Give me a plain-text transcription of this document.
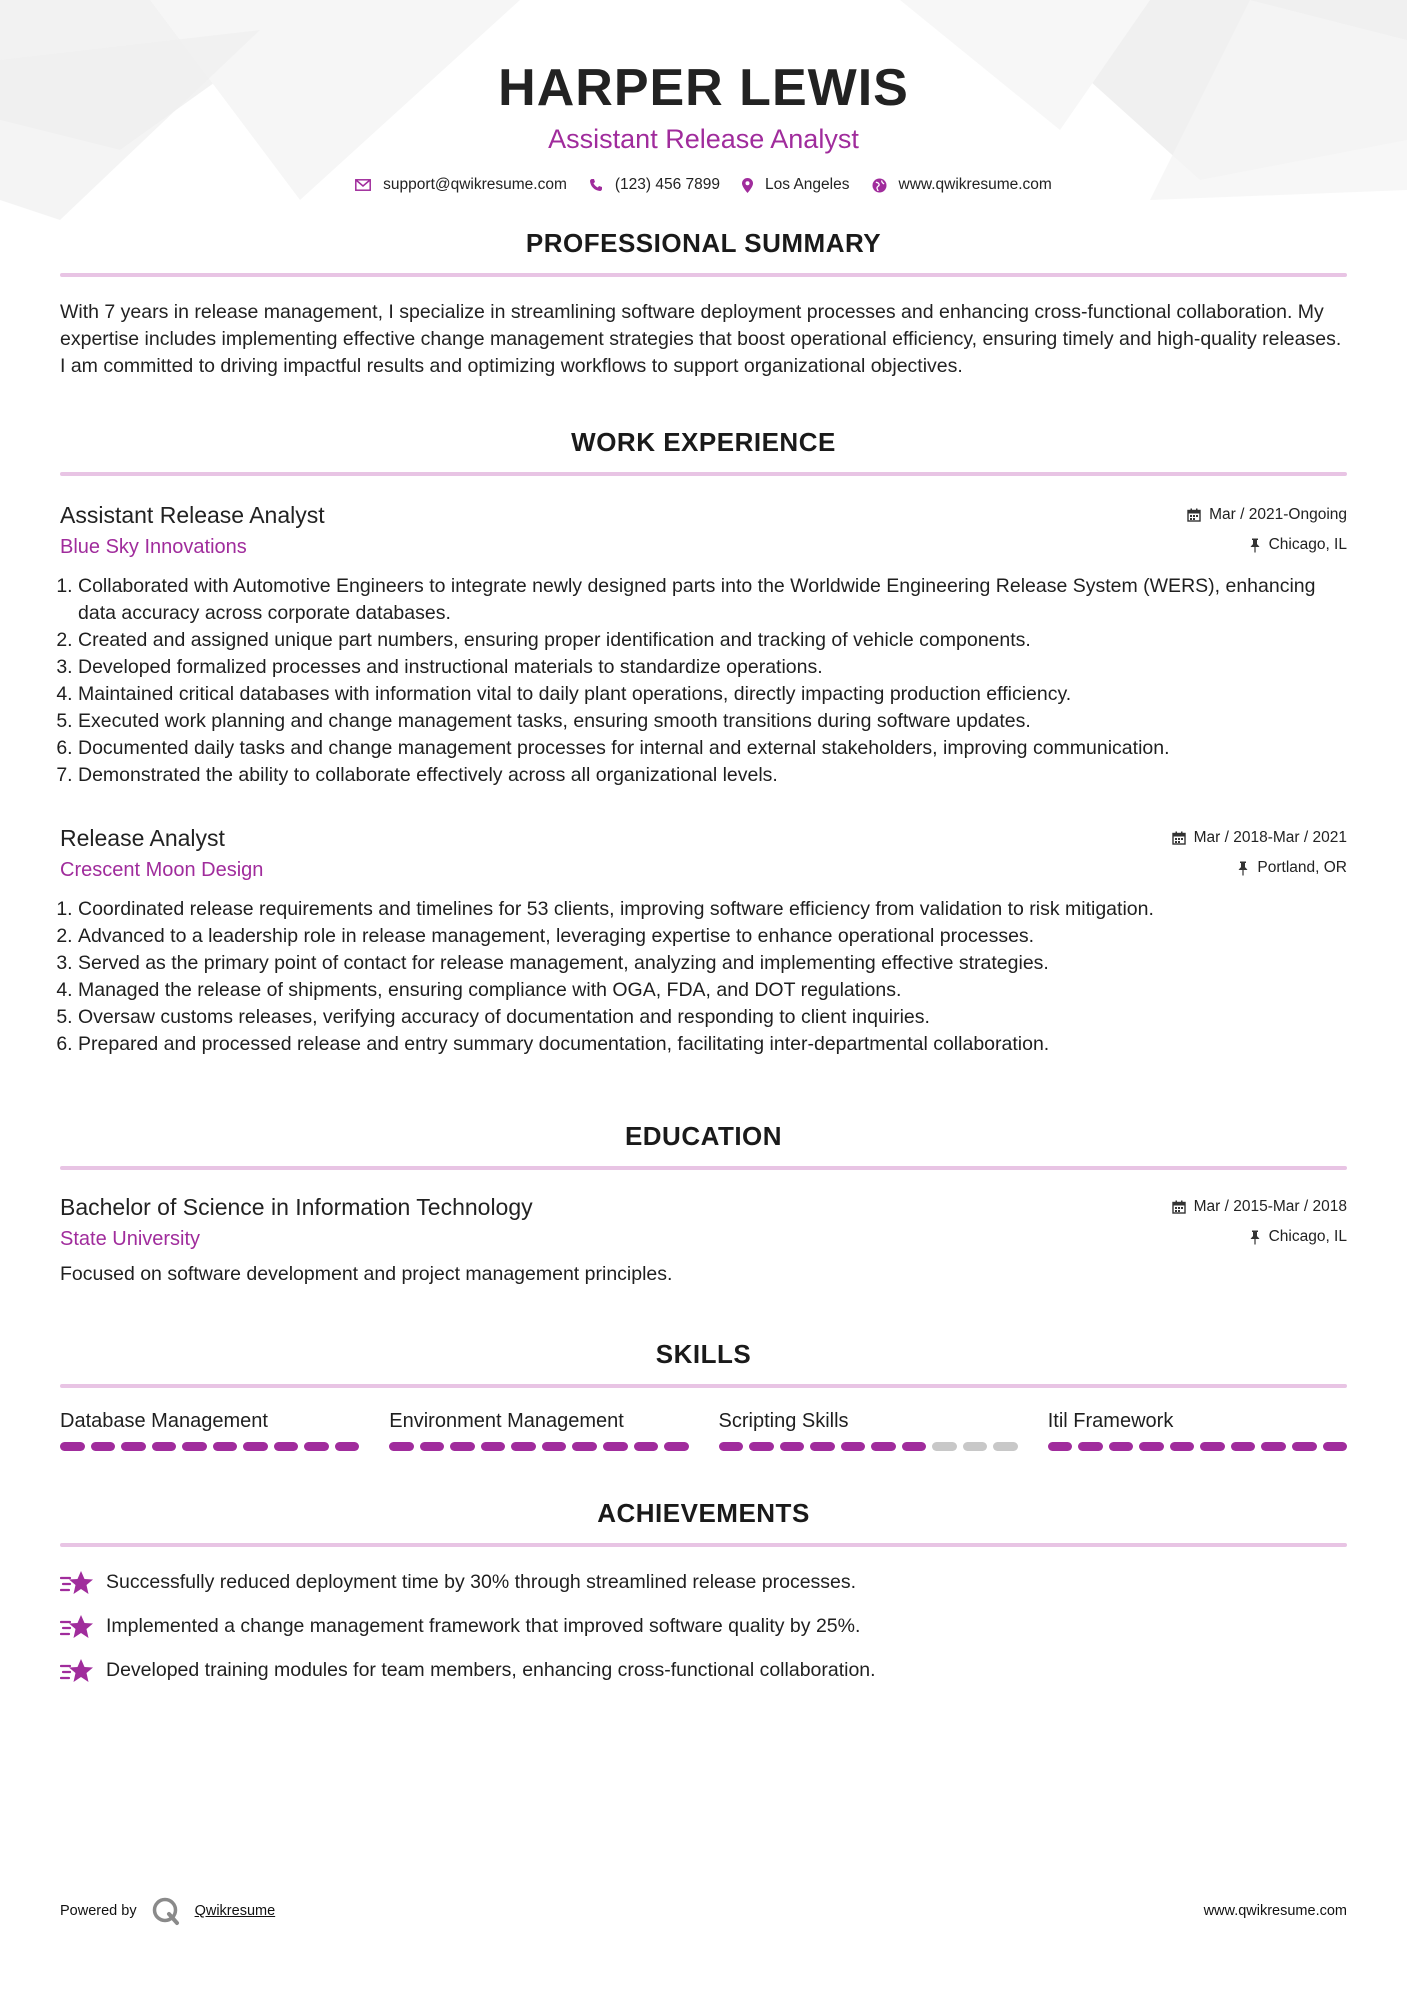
HARPER LEWIS
Assistant Release Analyst
support@qwikresume.com	(123) 456 7899	Los Angeles	www.qwikresume.com
PROFESSIONAL SUMMARY
With 7 years in release management, I specialize in streamlining software deployment processes and enhancing cross-functional collaboration. My expertise includes implementing effective change management strategies that boost operational efficiency, ensuring timely and high-quality releases. I am committed to driving impactful results and optimizing workflows to support organizational objectives.
WORK EXPERIENCE
Assistant Release Analyst
Blue Sky Innovations
Mar / 2021-Ongoing
Chicago, IL
1. Collaborated with Automotive Engineers to integrate newly designed parts into the Worldwide Engineering Release System (WERS), enhancing data accuracy across corporate databases.
2. Created and assigned unique part numbers, ensuring proper identification and tracking of vehicle components.
3. Developed formalized processes and instructional materials to standardize operations.
4. Maintained critical databases with information vital to daily plant operations, directly impacting production efficiency.
5. Executed work planning and change management tasks, ensuring smooth transitions during software updates.
6. Documented daily tasks and change management processes for internal and external stakeholders, improving communication.
7. Demonstrated the ability to collaborate effectively across all organizational levels.
Release Analyst
Crescent Moon Design
Mar / 2018-Mar / 2021
Portland, OR
1. Coordinated release requirements and timelines for 53 clients, improving software efficiency from validation to risk mitigation.
2. Advanced to a leadership role in release management, leveraging expertise to enhance operational processes.
3. Served as the primary point of contact for release management, analyzing and implementing effective strategies.
4. Managed the release of shipments, ensuring compliance with OGA, FDA, and DOT regulations.
5. Oversaw customs releases, verifying accuracy of documentation and responding to client inquiries.
6. Prepared and processed release and entry summary documentation, facilitating inter-departmental collaboration.
EDUCATION
Bachelor of Science in Information Technology
State University
Mar / 2015-Mar / 2018
Chicago, IL
Focused on software development and project management principles.
SKILLS
Database Management	Environment Management	Scripting Skills	Itil Framework
ACHIEVEMENTS
Successfully reduced deployment time by 30% through streamlined release processes.
Implemented a change management framework that improved software quality by 25%.
Developed training modules for team members, enhancing cross-functional collaboration.
Powered by	Qwikresume	www.qwikresume.com
